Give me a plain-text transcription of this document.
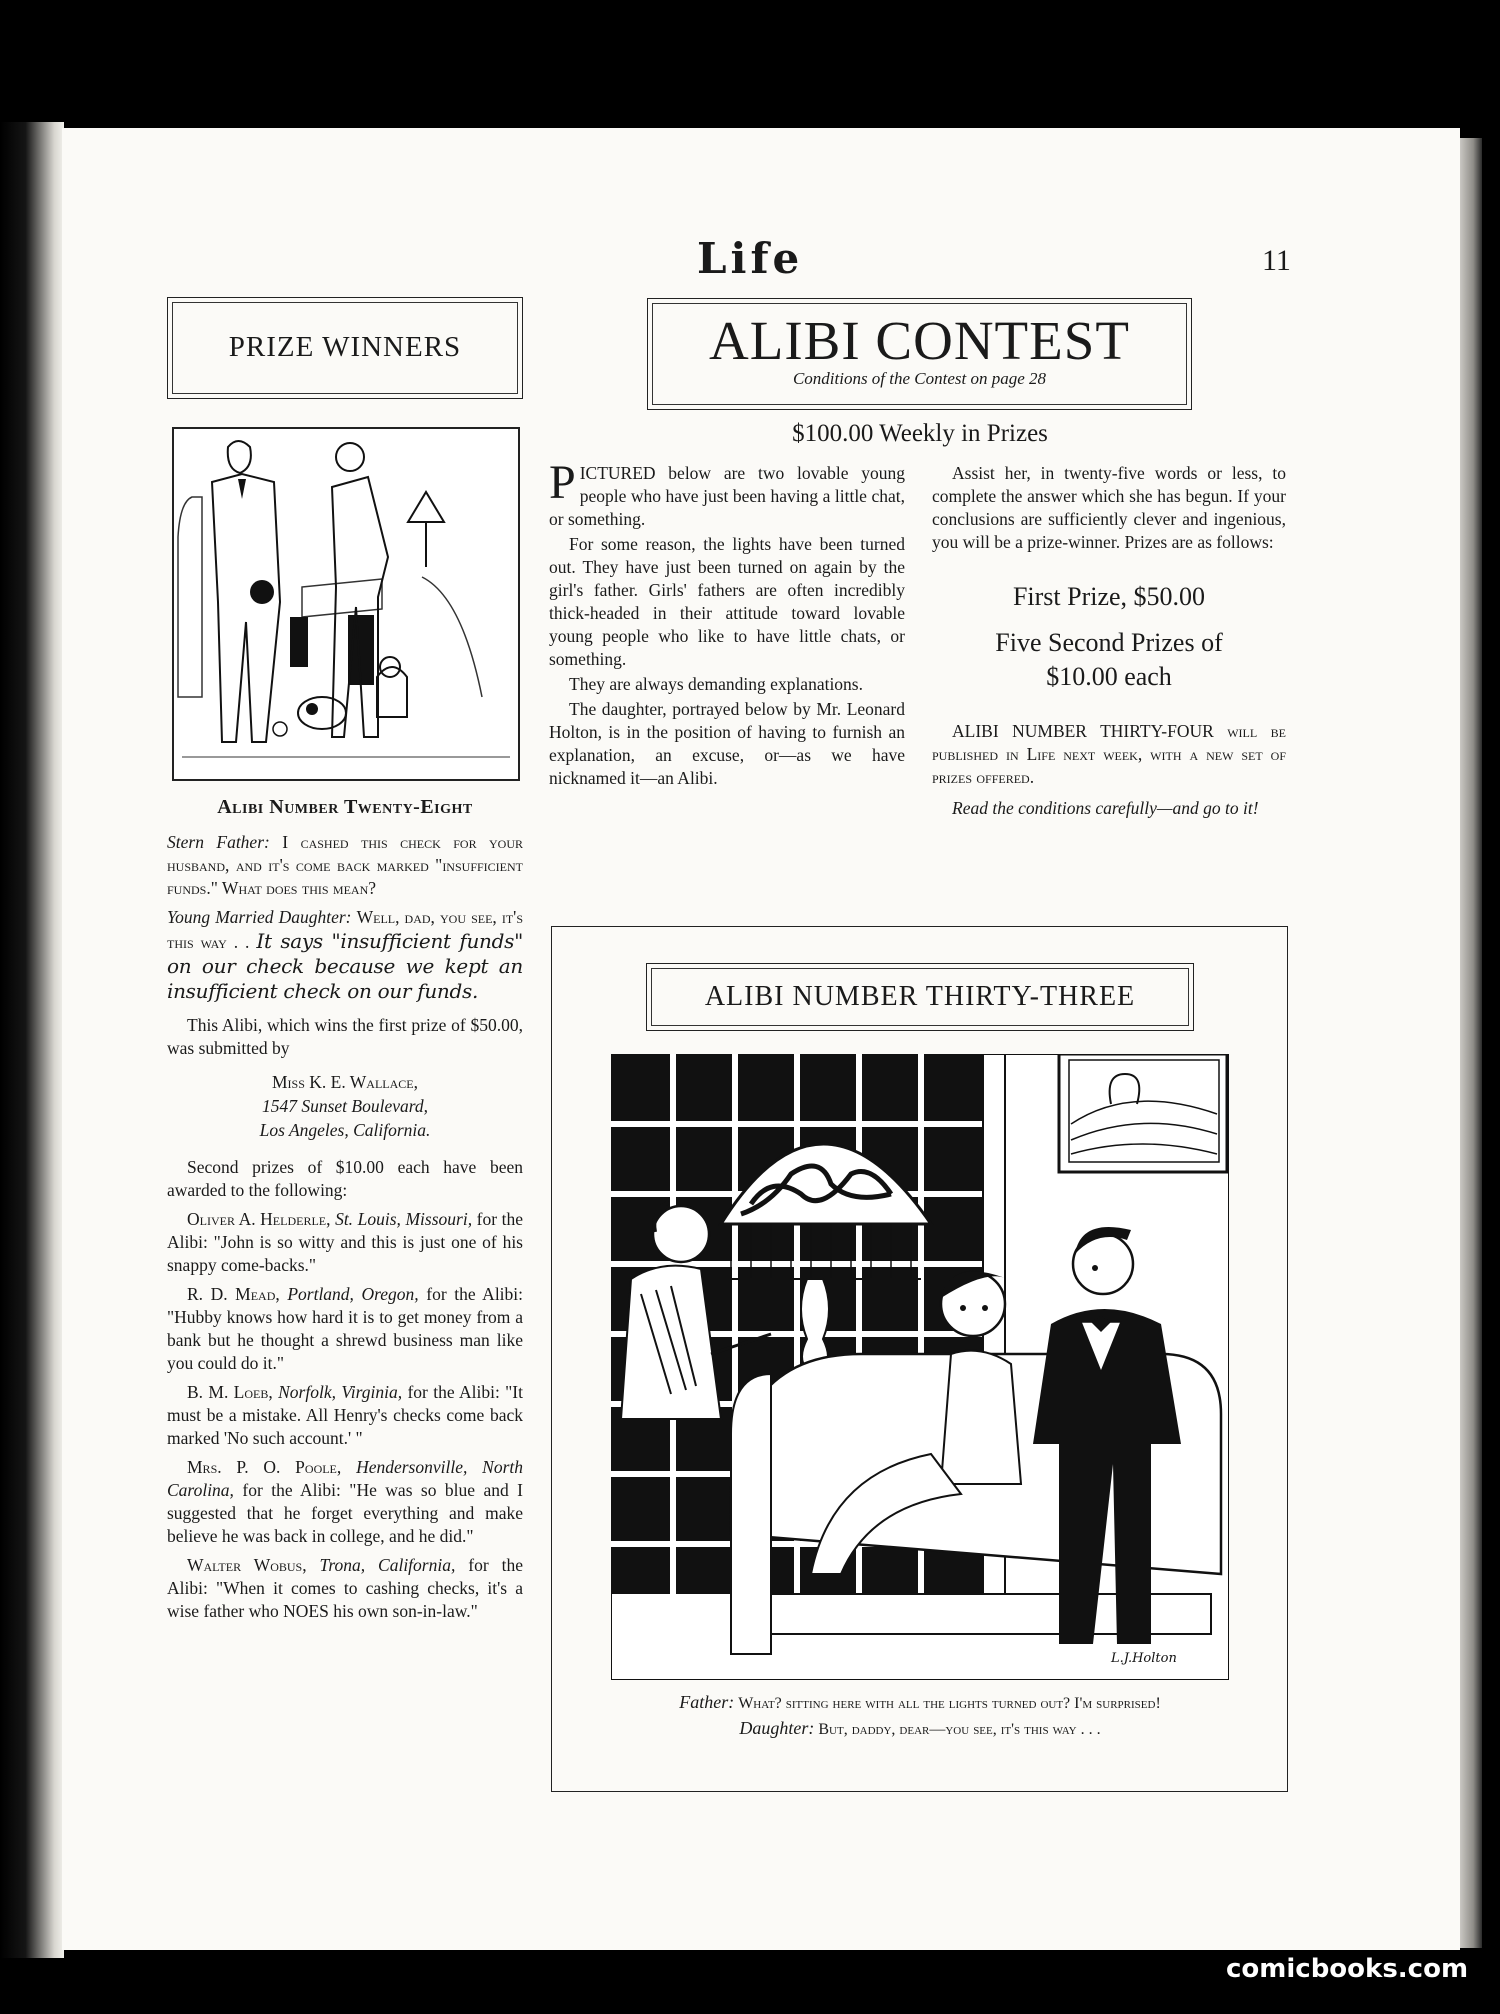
Life	11
PRIZE WINNERS	ALIBI CONTEST
Conditions of the Contest on page 28
$100.00 Weekly in Prizes
Alibi Number Twenty-Eight

Stern Father: I cashed this check for your husband, and it's come back marked "insufficient funds." What does this mean?

Young Married Daughter: Well, dad, you see, it's this way . . It says "insufficient funds" on our check because we kept an insufficient check on our funds.

This Alibi, which wins the first prize of $50.00, was submitted by

Miss K. E. Wallace,
1547 Sunset Boulevard,
Los Angeles, California.

Second prizes of $10.00 each have been awarded to the following:

Oliver A. Helderle, St. Louis, Missouri, for the Alibi: "John is so witty and this is just one of his snappy come-backs."

R. D. Mead, Portland, Oregon, for the Alibi: "Hubby knows how hard it is to get money from a bank but he thought a shrewd business man like you could do it."

B. M. Loeb, Norfolk, Virginia, for the Alibi: "It must be a mistake. All Henry's checks come back marked 'No such account.' "

Mrs. P. O. Poole, Hendersonville, North Carolina, for the Alibi: "He was so blue and I suggested that he forget everything and make believe he was back in college, and he did."

Walter Wobus, Trona, California, for the Alibi: "When it comes to cashing checks, it's a wise father who NOES his own son-in-law."

PICTURED below are two lovable young people who have just been having a little chat, or something.

For some reason, the lights have been turned out. They have just been turned on again by the girl's father. Girls' fathers are often incredibly thick-headed in their attitude toward lovable young people who like to have little chats, or something.

They are always demanding explanations.

The daughter, portrayed below by Mr. Leonard Holton, is in the position of having to furnish an explanation, an excuse, or—as we have nicknamed it—an Alibi.

Assist her, in twenty-five words or less, to complete the answer which she has begun. If your conclusions are sufficiently clever and ingenious, you will be a prize-winner. Prizes are as follows:

First Prize, $50.00
Five Second Prizes of
$10.00 each

ALIBI NUMBER THIRTY-FOUR will be published in Life next week, with a new set of prizes offered.

Read the conditions carefully—and go to it!

ALIBI NUMBER THIRTY-THREE
L.J.Holton
Father: What? sitting here with all the lights turned out? I'm surprised!
Daughter: But, daddy, dear—you see, it's this way . . .
comicbooks.com
